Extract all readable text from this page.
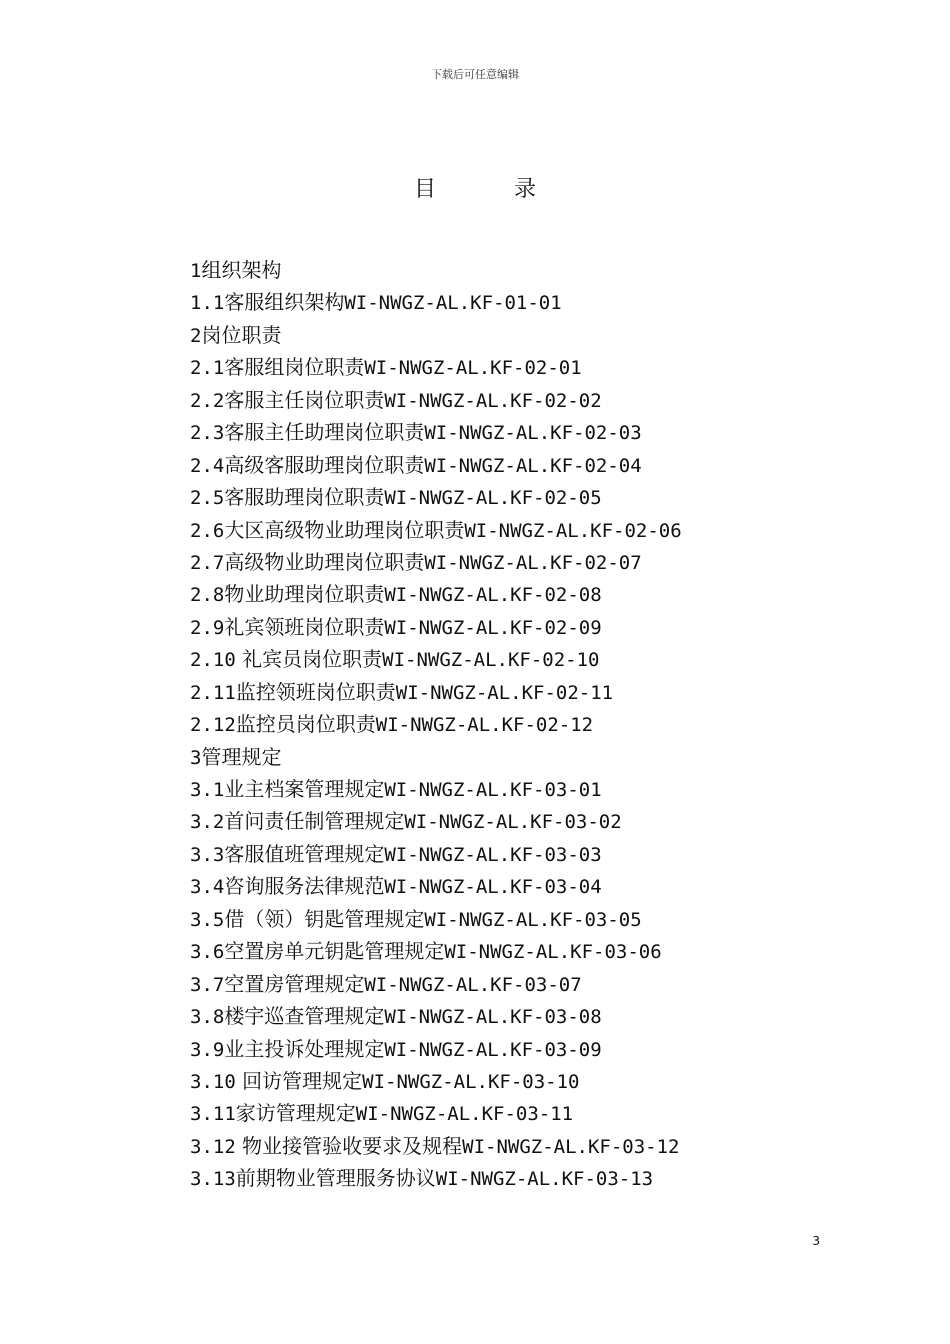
下载后可任意编辑
目录
1组织架构
1.1客服组织架构WI-NWGZ-AL.KF-01-01
2岗位职责
2.1客服组岗位职责WI-NWGZ-AL.KF-02-01
2.2客服主任岗位职责WI-NWGZ-AL.KF-02-02
2.3客服主任助理岗位职责WI-NWGZ-AL.KF-02-03
2.4高级客服助理岗位职责WI-NWGZ-AL.KF-02-04
2.5客服助理岗位职责WI-NWGZ-AL.KF-02-05
2.6大区高级物业助理岗位职责WI-NWGZ-AL.KF-02-06
2.7高级物业助理岗位职责WI-NWGZ-AL.KF-02-07
2.8物业助理岗位职责WI-NWGZ-AL.KF-02-08
2.9礼宾领班岗位职责WI-NWGZ-AL.KF-02-09
2.10 礼宾员岗位职责WI-NWGZ-AL.KF-02-10
2.11监控领班岗位职责WI-NWGZ-AL.KF-02-11
2.12监控员岗位职责WI-NWGZ-AL.KF-02-12
3管理规定
3.1业主档案管理规定WI-NWGZ-AL.KF-03-01
3.2首问责任制管理规定WI-NWGZ-AL.KF-03-02
3.3客服值班管理规定WI-NWGZ-AL.KF-03-03
3.4咨询服务法律规范WI-NWGZ-AL.KF-03-04
3.5借（领）钥匙管理规定WI-NWGZ-AL.KF-03-05
3.6空置房单元钥匙管理规定WI-NWGZ-AL.KF-03-06
3.7空置房管理规定WI-NWGZ-AL.KF-03-07
3.8楼宇巡查管理规定WI-NWGZ-AL.KF-03-08
3.9业主投诉处理规定WI-NWGZ-AL.KF-03-09
3.10 回访管理规定WI-NWGZ-AL.KF-03-10
3.11家访管理规定WI-NWGZ-AL.KF-03-11
3.12 物业接管验收要求及规程WI-NWGZ-AL.KF-03-12
3.13前期物业管理服务协议WI-NWGZ-AL.KF-03-13
3
